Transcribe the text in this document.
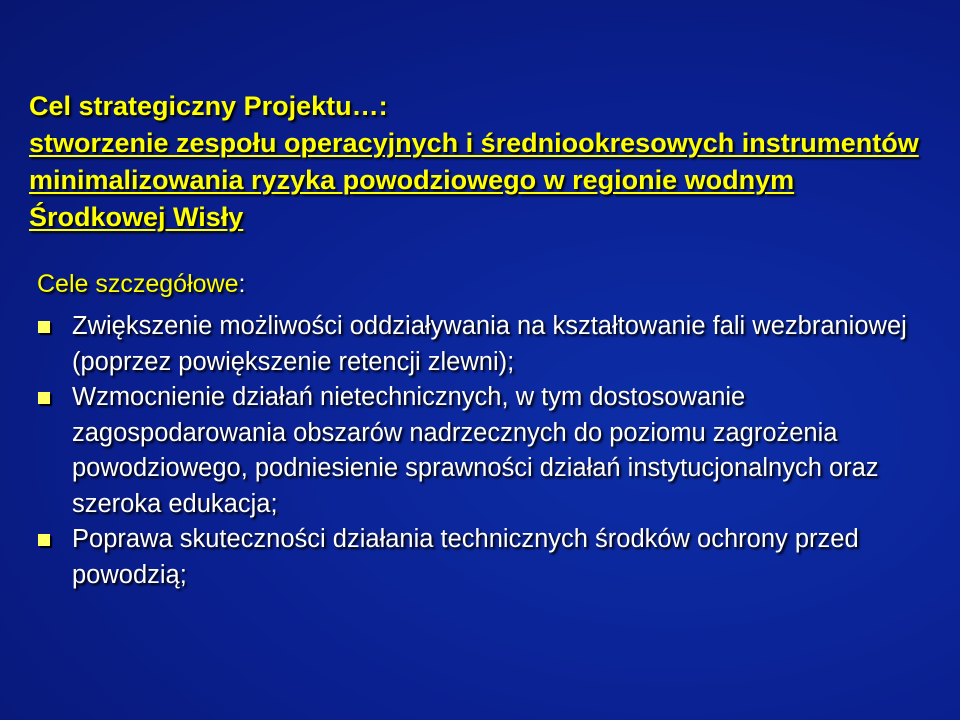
Cel strategiczny Projektu…:
stworzenie zespołu operacyjnych i średniookresowych instrumentów minimalizowania ryzyka powodziowego w regionie wodnym Środkowej Wisły
Cele szczegółowe:
Zwiększenie możliwości oddziaływania na kształtowanie fali wezbraniowej (poprzez powiększenie retencji zlewni);
Wzmocnienie działań nietechnicznych, w tym dostosowanie zagospodarowania obszarów nadrzecznych do poziomu zagrożenia powodziowego, podniesienie sprawności działań instytucjonalnych oraz szeroka edukacja;
Poprawa skuteczności działania technicznych środków ochrony przed powodzią;
